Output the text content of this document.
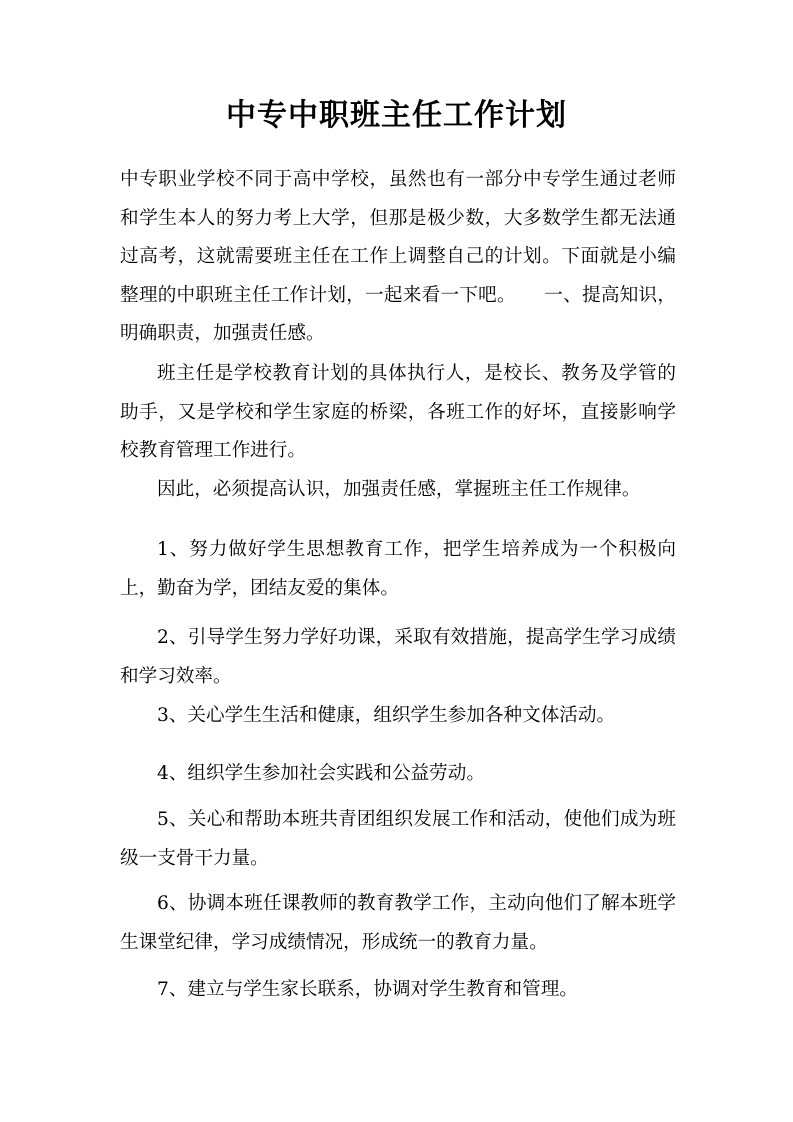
中专中职班主任工作计划

中专职业学校不同于高中学校，虽然也有一部分中专学生通过老师和学生本人的努力考上大学，但那是极少数，大多数学生都无法通过高考，这就需要班主任在工作上调整自己的计划。下面就是小编整理的中职班主任工作计划，一起来看一下吧。　　一、提高知识，明确职责，加强责任感。

班主任是学校教育计划的具体执行人，是校长、教务及学管的助手，又是学校和学生家庭的桥梁，各班工作的好坏，直接影响学校教育管理工作进行。

因此，必须提高认识，加强责任感，掌握班主任工作规律。

1、努力做好学生思想教育工作，把学生培养成为一个积极向上，勤奋为学，团结友爱的集体。

2、引导学生努力学好功课，采取有效措施，提高学生学习成绩和学习效率。

3、关心学生生活和健康，组织学生参加各种文体活动。

4、组织学生参加社会实践和公益劳动。

5、关心和帮助本班共青团组织发展工作和活动，使他们成为班级一支骨干力量。

6、协调本班任课教师的教育教学工作，主动向他们了解本班学生课堂纪律，学习成绩情况，形成统一的教育力量。

7、建立与学生家长联系，协调对学生教育和管理。
